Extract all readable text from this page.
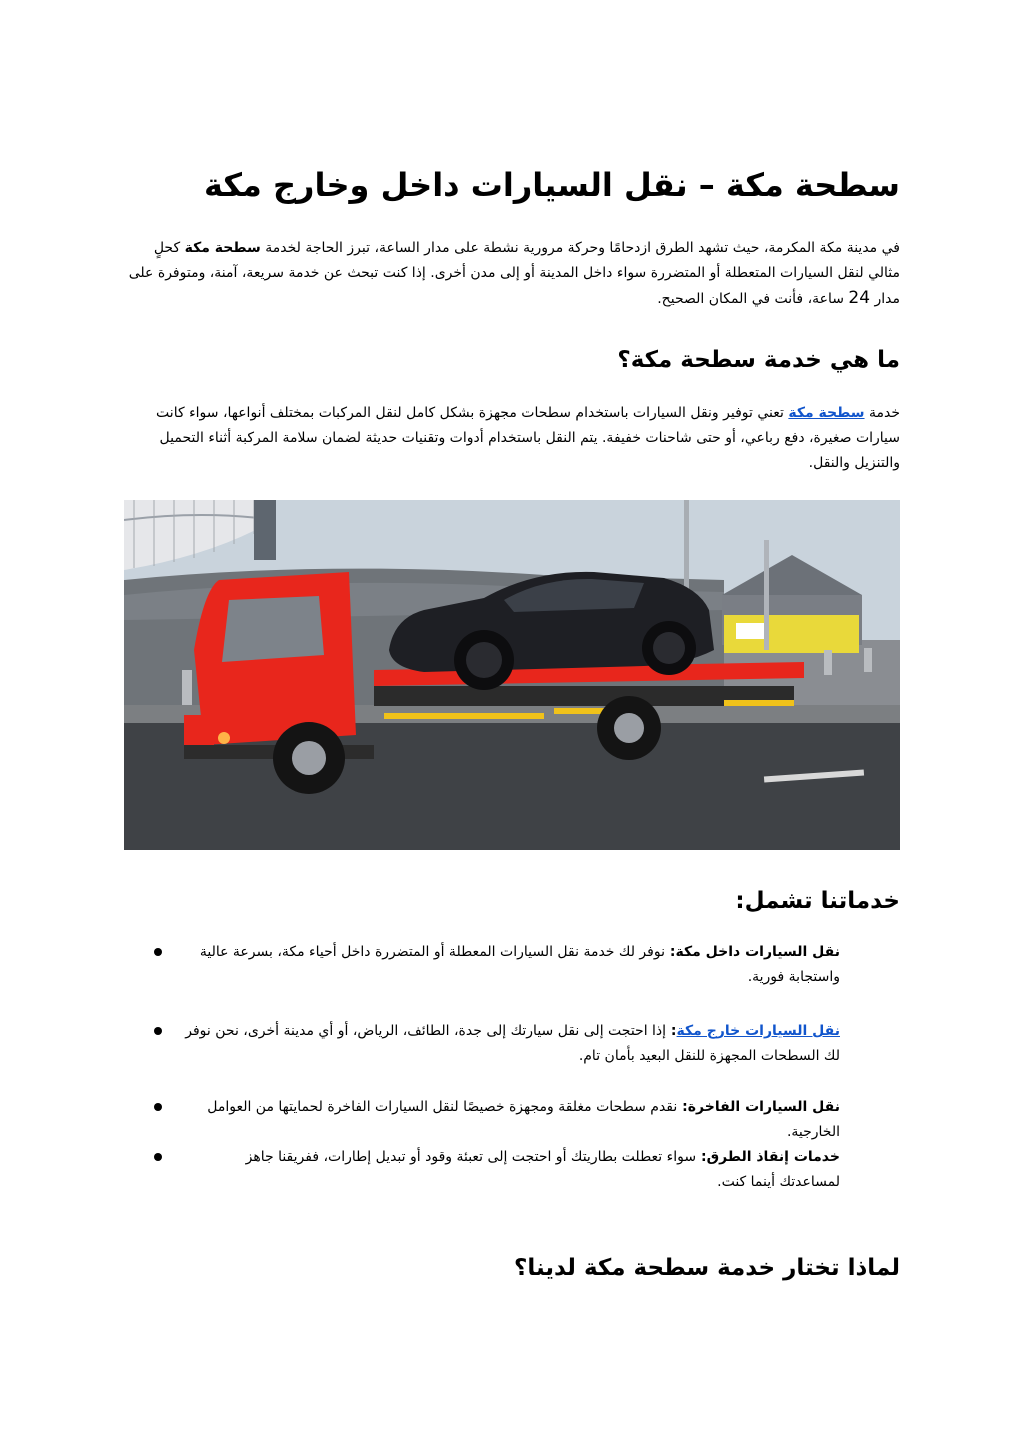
سطحة مكة – نقل السيارات داخل وخارج مكة

في مدينة مكة المكرمة، حيث تشهد الطرق ازدحامًا وحركة مرورية نشطة على مدار الساعة، تبرز الحاجة لخدمة سطحة مكة كحلٍ مثالي لنقل السيارات المتعطلة أو المتضررة سواء داخل المدينة أو إلى مدن أخرى. إذا كنت تبحث عن خدمة سريعة، آمنة، ومتوفرة على مدار 24 ساعة، فأنت في المكان الصحيح.

ما هي خدمة سطحة مكة؟

خدمة سطحة مكة تعني توفير ونقل السيارات باستخدام سطحات مجهزة بشكل كامل لنقل المركبات بمختلف أنواعها، سواء كانت سيارات صغيرة، دفع رباعي، أو حتى شاحنات خفيفة. يتم النقل باستخدام أدوات وتقنيات حديثة لضمان سلامة المركبة أثناء التحميل والتنزيل والنقل.

خدماتنا تشمل:
نقل السيارات داخل مكة: نوفر لك خدمة نقل السيارات المعطلة أو المتضررة داخل أحياء مكة، بسرعة عالية واستجابة فورية.
نقل السيارات خارج مكة: إذا احتجت إلى نقل سيارتك إلى جدة، الطائف، الرياض، أو أي مدينة أخرى، نحن نوفر لك السطحات المجهزة للنقل البعيد بأمان تام.
نقل السيارات الفاخرة: نقدم سطحات مغلقة ومجهزة خصيصًا لنقل السيارات الفاخرة لحمايتها من العوامل الخارجية.
خدمات إنقاذ الطرق: سواء تعطلت بطاريتك أو احتجت إلى تعبئة وقود أو تبديل إطارات، ففريقنا جاهز لمساعدتك أينما كنت.
لماذا تختار خدمة سطحة مكة لدينا؟
